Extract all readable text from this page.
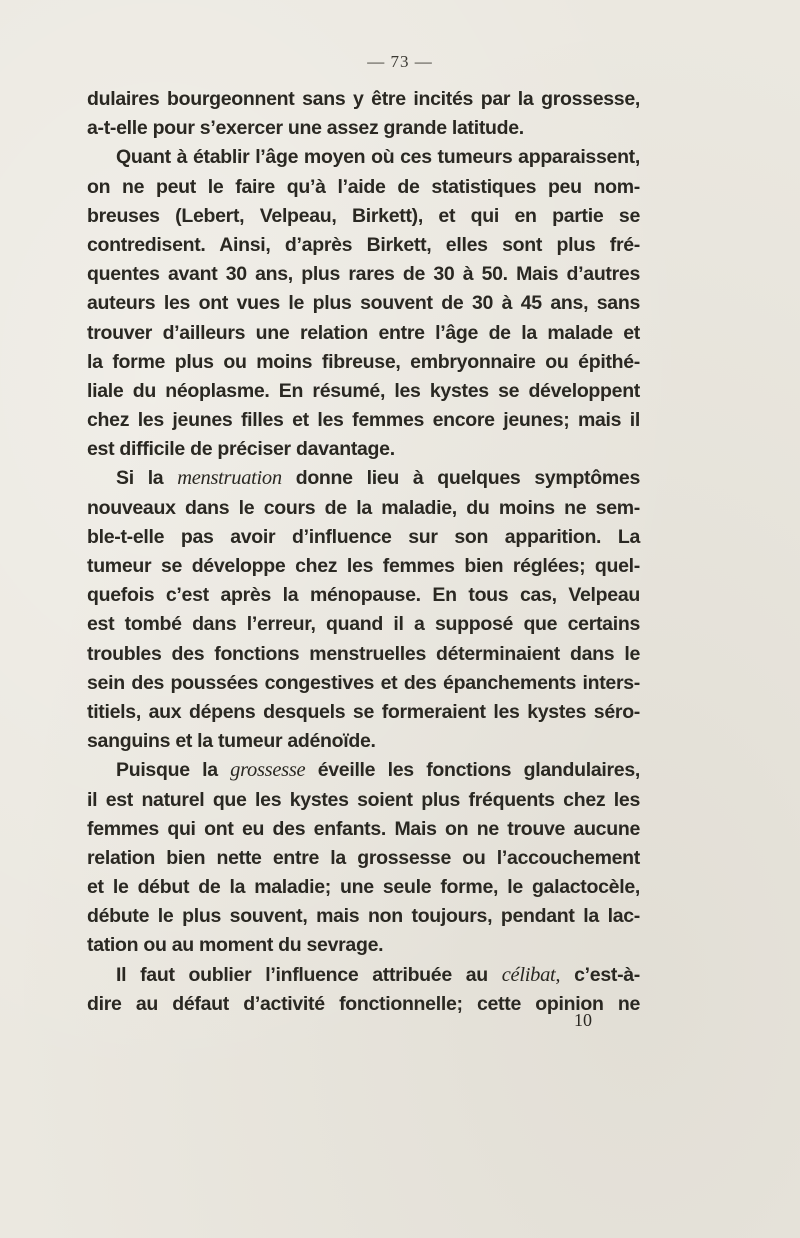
— 73 —
dulaires bourgeonnent sans y être incités par la grossesse,
a-t-elle pour s’exercer une assez grande latitude.
Quant à établir l’âge moyen où ces tumeurs apparaissent,
on ne peut le faire qu’à l’aide de statistiques peu nom-
breuses (Lebert, Velpeau, Birkett), et qui en partie se
contredisent. Ainsi, d’après Birkett, elles sont plus fré-
quentes avant 30 ans, plus rares de 30 à 50. Mais d’autres
auteurs les ont vues le plus souvent de 30 à 45 ans, sans
trouver d’ailleurs une relation entre l’âge de la malade et
la forme plus ou moins fibreuse, embryonnaire ou épithé-
liale du néoplasme. En résumé, les kystes se développent
chez les jeunes filles et les femmes encore jeunes; mais il
est difficile de préciser davantage.
Si la menstruation donne lieu à quelques symptômes
nouveaux dans le cours de la maladie, du moins ne sem-
ble-t-elle pas avoir d’influence sur son apparition. La
tumeur se développe chez les femmes bien réglées; quel-
quefois c’est après la ménopause. En tous cas, Velpeau
est tombé dans l’erreur, quand il a supposé que certains
troubles des fonctions menstruelles déterminaient dans le
sein des poussées congestives et des épanchements inters-
titiels, aux dépens desquels se formeraient les kystes séro-
sanguins et la tumeur adénoïde.
Puisque la grossesse éveille les fonctions glandulaires,
il est naturel que les kystes soient plus fréquents chez les
femmes qui ont eu des enfants. Mais on ne trouve aucune
relation bien nette entre la grossesse ou l’accouchement
et le début de la maladie; une seule forme, le galactocèle,
débute le plus souvent, mais non toujours, pendant la lac-
tation ou au moment du sevrage.
Il faut oublier l’influence attribuée au célibat, c’est-à-
dire au défaut d’activité fonctionnelle; cette opinion ne
10
